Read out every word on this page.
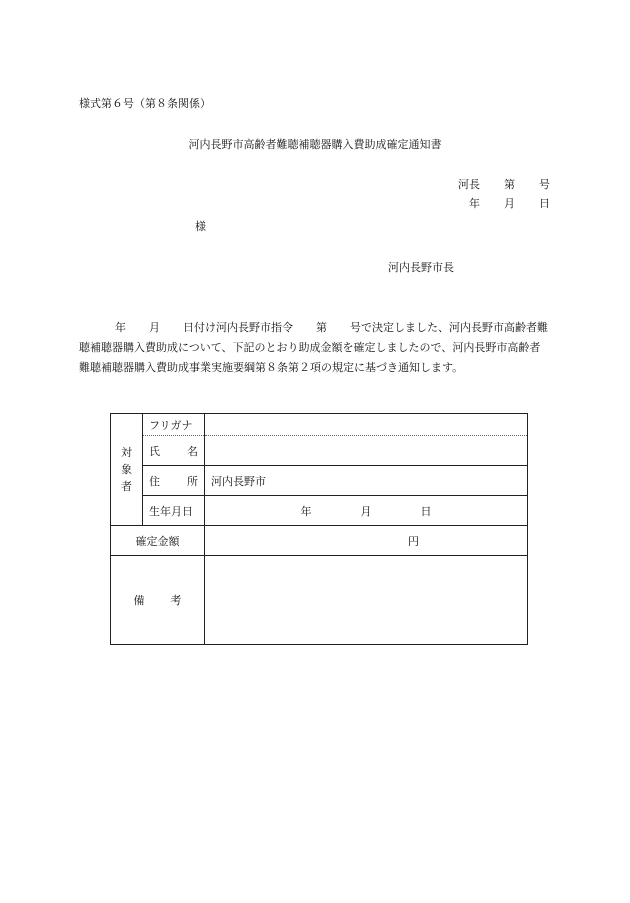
様式第６号（第８条関係）
河内長野市高齢者難聴補聴器購入費助成確定通知書
河長 第 号
年 月 日
様
河内長野市長

年 月 日付け河内長野市指令 第 号で決定しました、河内長野市高齢者難聴補聴器購入費助成について、下記のとおり助成金額を確定しましたので、河内長野市高齢者難聴補聴器購入費助成事業実施要綱第８条第２項の規定に基づき通知します。

対
象
者	フリガナ	

	氏 名	

	住 所	河内長野市
	生年月日	年 月 日

確定金額		円

備 考		
